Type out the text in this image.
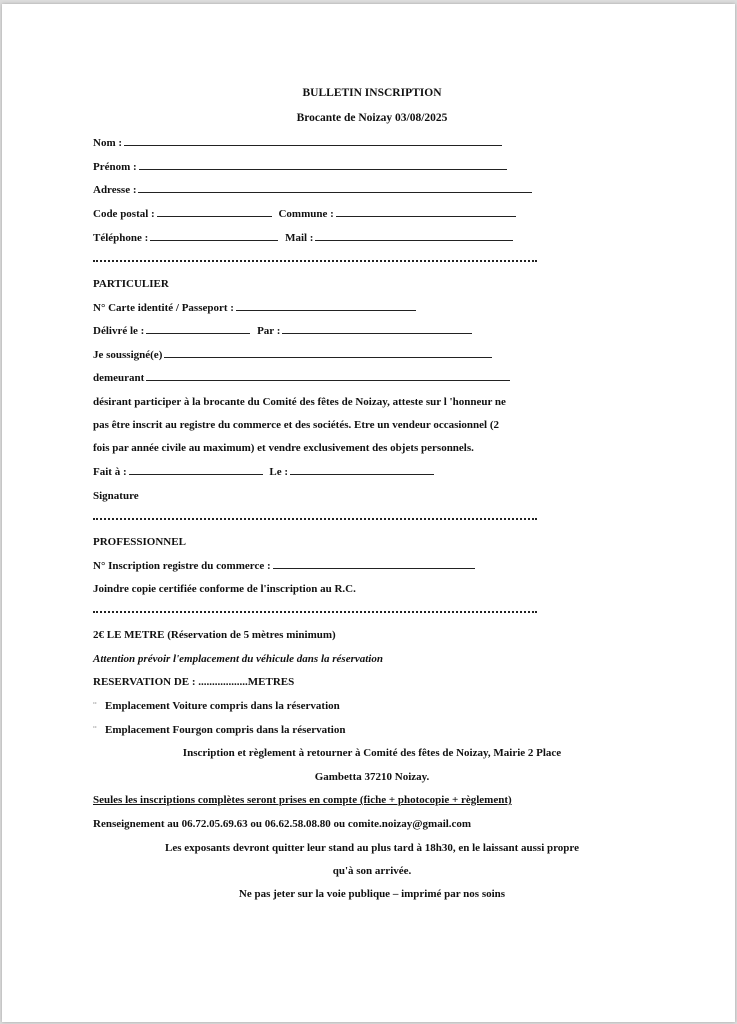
BULLETIN INSCRIPTION
Brocante de Noizay 03/08/2025
Nom :
Prénom :
Adresse :
Code postal :	Commune :
Téléphone :	Mail :
PARTICULIER
N° Carte identité / Passeport :
Délivré le :	Par :
Je soussigné(e)
demeurant
désirant participer à la brocante du Comité des fêtes de Noizay, atteste sur l 'honneur ne
pas être inscrit au registre du commerce et des sociétés. Etre un vendeur occasionnel (2
fois par année civile au maximum) et vendre exclusivement des objets personnels.
Fait à :	Le :
Signature
PROFESSIONNEL
N° Inscription registre du commerce :
Joindre copie certifiée conforme de l'inscription au R.C.
2€ LE METRE (Réservation de 5 mètres minimum)
Attention prévoir l'emplacement du véhicule dans la réservation
RESERVATION DE : ..................METRES
¨ Emplacement Voiture compris dans la réservation
¨ Emplacement Fourgon compris dans la réservation
Inscription et règlement à retourner à Comité des fêtes de Noizay, Mairie 2 Place
Gambetta 37210 Noizay.
Seules les inscriptions complètes seront prises en compte (fiche + photocopie + règlement)
Renseignement au 06.72.05.69.63 ou 06.62.58.08.80 ou comite.noizay@gmail.com
Les exposants devront quitter leur stand au plus tard à 18h30, en le laissant aussi propre
qu'à son arrivée.
Ne pas jeter sur la voie publique – imprimé par nos soins
